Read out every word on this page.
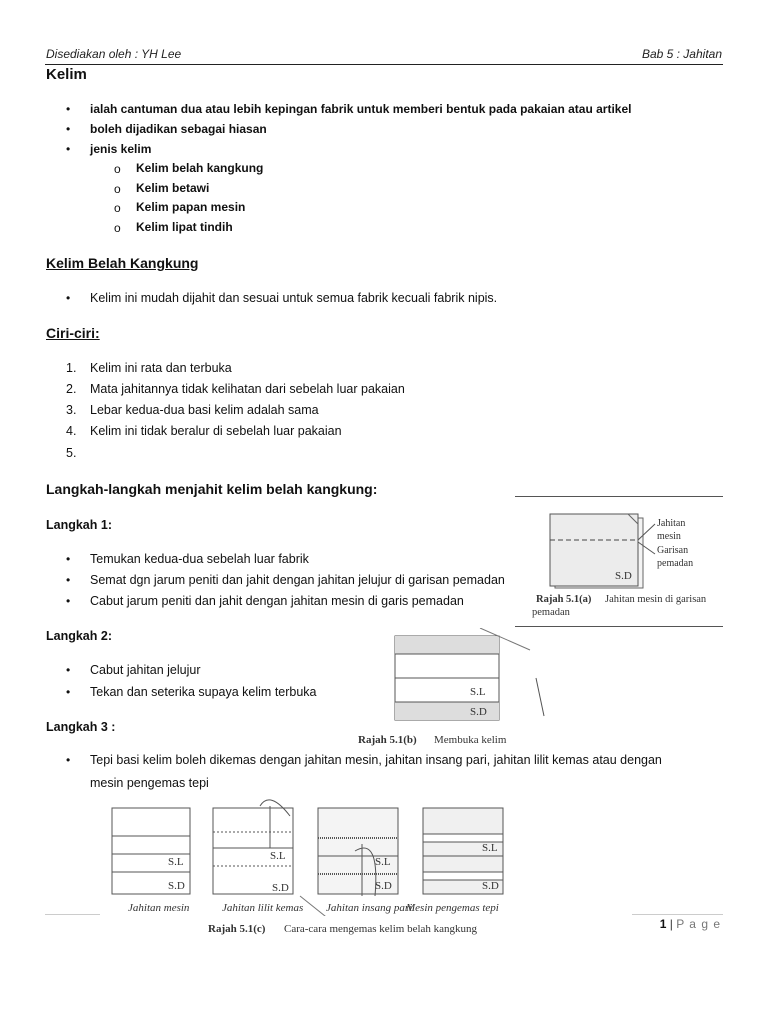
Disediakan oleh : YH Lee	Bab 5 : Jahitan
Kelim
• ialah cantuman dua atau lebih kepingan fabrik untuk memberi bentuk pada pakaian atau artikel
• boleh dijadikan sebagai hiasan
• jenis kelim
o Kelim belah kangkung
o Kelim betawi
o Kelim papan mesin
o Kelim lipat tindih
Kelim Belah Kangkung
• Kelim ini mudah dijahit dan sesuai untuk semua fabrik kecuali fabrik nipis.
Ciri-ciri:
1. Kelim ini rata dan terbuka
2. Mata jahitannya tidak kelihatan dari sebelah luar pakaian
3. Lebar kedua-dua basi kelim adalah sama
4. Kelim ini tidak beralur di sebelah luar pakaian
5.
Langkah-langkah menjahit kelim belah kangkung:
Langkah 1:
• Temukan kedua-dua sebelah luar fabrik
• Semat dgn jarum peniti dan jahit dengan jahitan jelujur di garisan pemadan
• Cabut jarum peniti dan jahit dengan jahitan mesin di garis pemadan
Langkah 2:
• Cabut jahitan jelujur
• Tekan dan seterika supaya kelim terbuka
Langkah 3 :
• Tepi basi kelim boleh dikemas dengan jahitan mesin, jahitan insang pari, jahitan lilit kemas atau dengan
mesin pengemas tepi
Jahitan
mesin
Garisan
pemadan
S.D
Rajah 5.1(a) Jahitan mesin di garisan
pemadan
S.L
S.D
Rajah 5.1(b) Membuka kelim
S.L
S.D
S.L
S.D
S.L
S.D
S.L
S.D
Jahitan mesin	Jahitan lilit kemas Jahitan insang pari
Mesin pengemas tepi
Rajah 5.1(c) Cara-cara mengemas kelim belah kangkung	1 | P a g e
